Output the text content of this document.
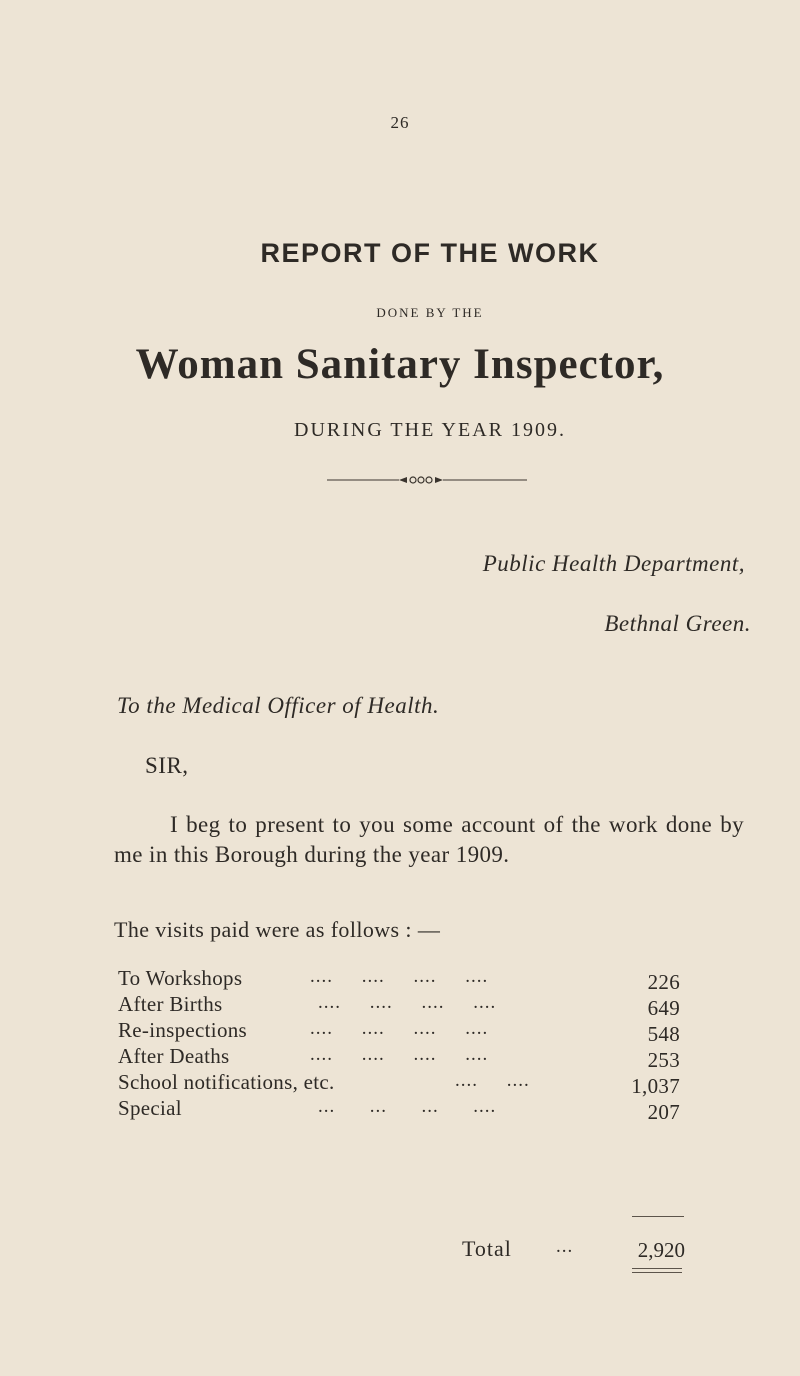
26
REPORT OF THE WORK
DONE BY THE
Woman Sanitary Inspector,
DURING THE YEAR 1909.
Public Health Department,
Bethnal Green.
To the Medical Officer of Health.
SIR,
I beg to present to you some account of the work done by me in this Borough during the year 1909.
The visits paid were as follows : —
To Workshops	....     ....     ....     ....	226
After Births	....     ....     ....     ....	649
Re-inspections	....     ....     ....     ....	548
After Deaths	....     ....     ....     ....	253
School notifications, etc.	....     ....	1,037
Special	...      ...      ...      ....	207
Total ...	2,920
